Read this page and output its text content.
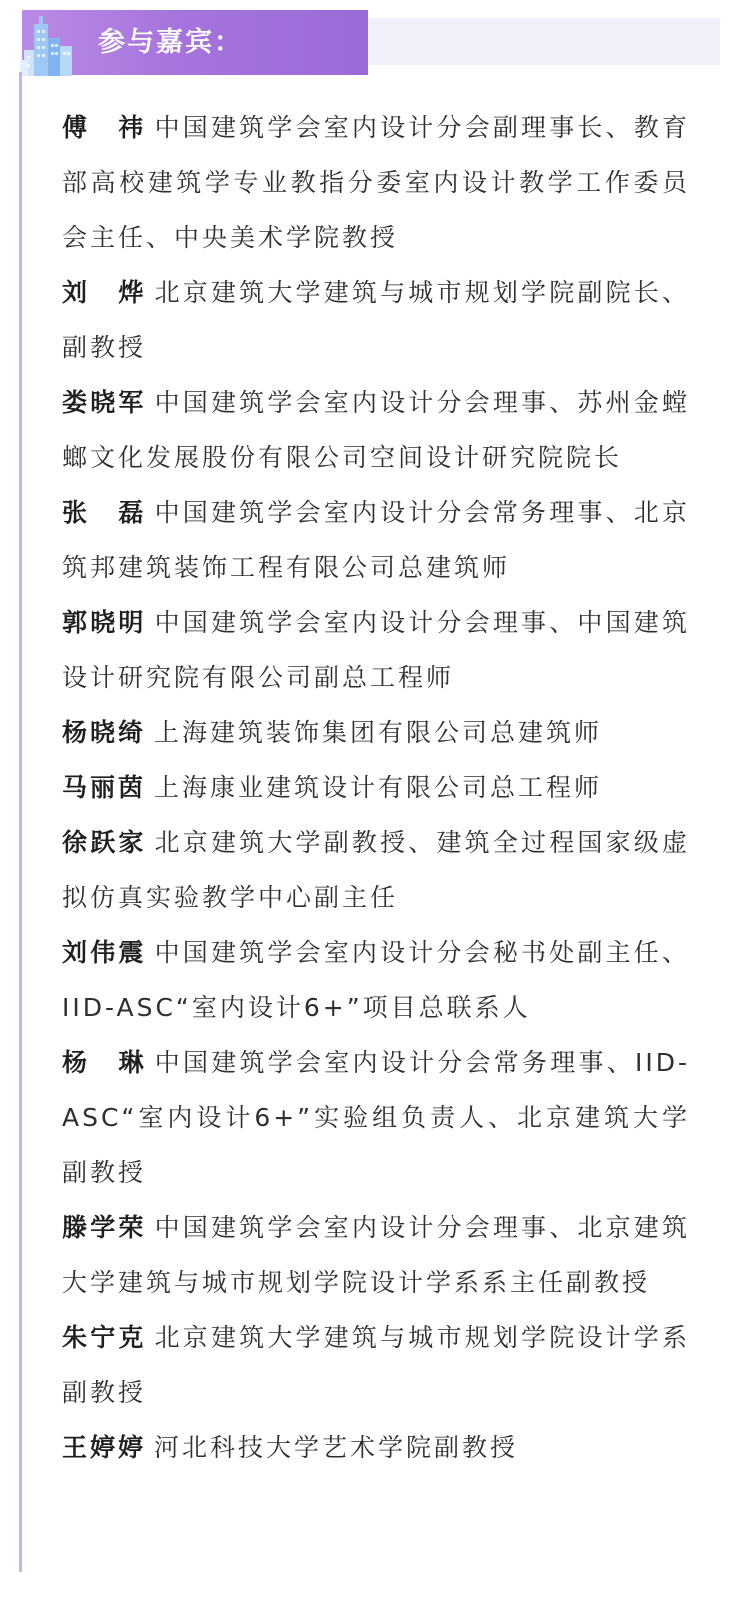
参与嘉宾：
傅　祎 中国建筑学会室内设计分会副理事长、教育部高校建筑学专业教指分委室内设计教学工作委员会主任、中央美术学院教授
刘　烨 北京建筑大学建筑与城市规划学院副院长、副教授
娄晓军 中国建筑学会室内设计分会理事、苏州金螳螂文化发展股份有限公司空间设计研究院院长
张　磊 中国建筑学会室内设计分会常务理事、北京筑邦建筑装饰工程有限公司总建筑师
郭晓明 中国建筑学会室内设计分会理事、中国建筑设计研究院有限公司副总工程师
杨晓绮 上海建筑装饰集团有限公司总建筑师
马丽茵 上海康业建筑设计有限公司总工程师
徐跃家 北京建筑大学副教授、建筑全过程国家级虚拟仿真实验教学中心副主任
刘伟震 中国建筑学会室内设计分会秘书处副主任、IID-ASC“室内设计6+”项目总联系人
杨　琳 中国建筑学会室内设计分会常务理事、IID-ASC“室内设计6+”实验组负责人、北京建筑大学副教授
滕学荣 中国建筑学会室内设计分会理事、北京建筑大学建筑与城市规划学院设计学系系主任副教授
朱宁克 北京建筑大学建筑与城市规划学院设计学系副教授
王婷婷 河北科技大学艺术学院副教授
